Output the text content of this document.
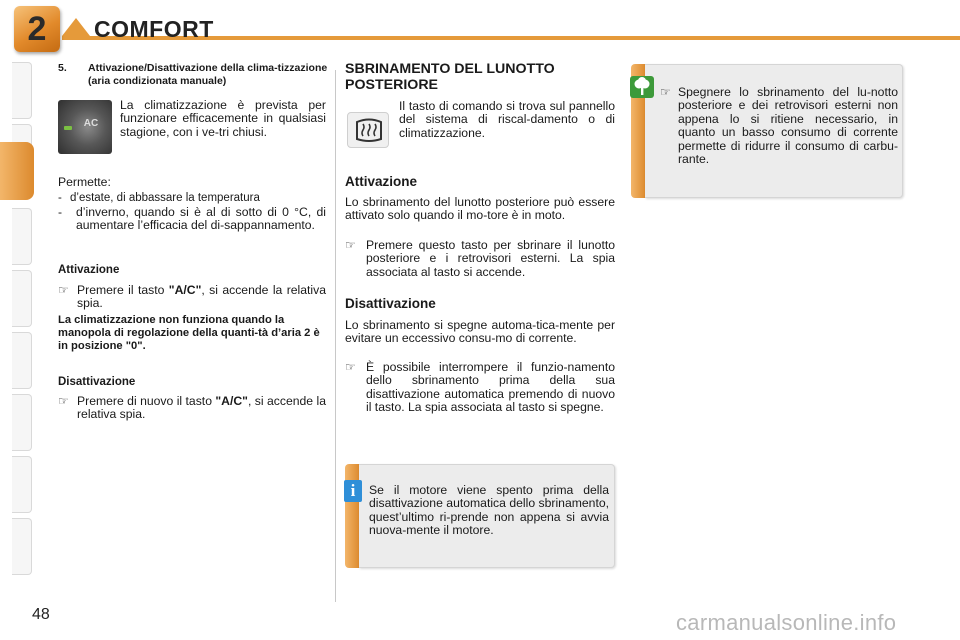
2	COMFORT
5. Attivazione/Disattivazione della clima-tizzazione (aria condizionata manuale)
AC
La climatizzazione è prevista per funzionare efficacemente in qualsiasi stagione, con i ve-tri chiusi.
Permette:
- d’estate, di abbassare la temperatura
- d’inverno, quando si è al di sotto di 0 °C, di aumentare l’efficacia del di-sappannamento.
Attivazione
☞ Premere il tasto "A/C", si accende la relativa spia.
La climatizzazione non funziona quando la manopola di regolazione della quanti-tà d’aria 2 è in posizione "0".
Disattivazione
☞ Premere di nuovo il tasto "A/C", si accende la relativa spia.
SBRINAMENTO DEL LUNOTTO POSTERIORE
Il tasto di comando si trova sul pannello del sistema di riscal-damento o di climatizzazione.
Attivazione
Lo sbrinamento del lunotto posteriore può essere attivato solo quando il mo-tore è in moto.
☞ Premere questo tasto per sbrinare il lunotto posteriore e i retrovisori esterni. La spia associata al tasto si accende.
Disattivazione
Lo sbrinamento si spegne automa-tica-mente per evitare un eccessivo consu-mo di corrente.
☞ È possibile interrompere il funzio-namento dello sbrinamento prima della sua disattivazione automatica premendo di nuovo il tasto. La spia associata al tasto si spegne.
i	Se il motore viene spento prima della disattivazione automatica dello sbrinamento, quest’ultimo ri-prende non appena si avvia nuova-mente il motore.
☞ Spegnere lo sbrinamento del lu-notto posteriore e dei retrovisori esterni non appena lo si ritiene necessario, in quanto un basso consumo di corrente permette di ridurre il consumo di carbu-rante.
48	carmanualsonline.info
